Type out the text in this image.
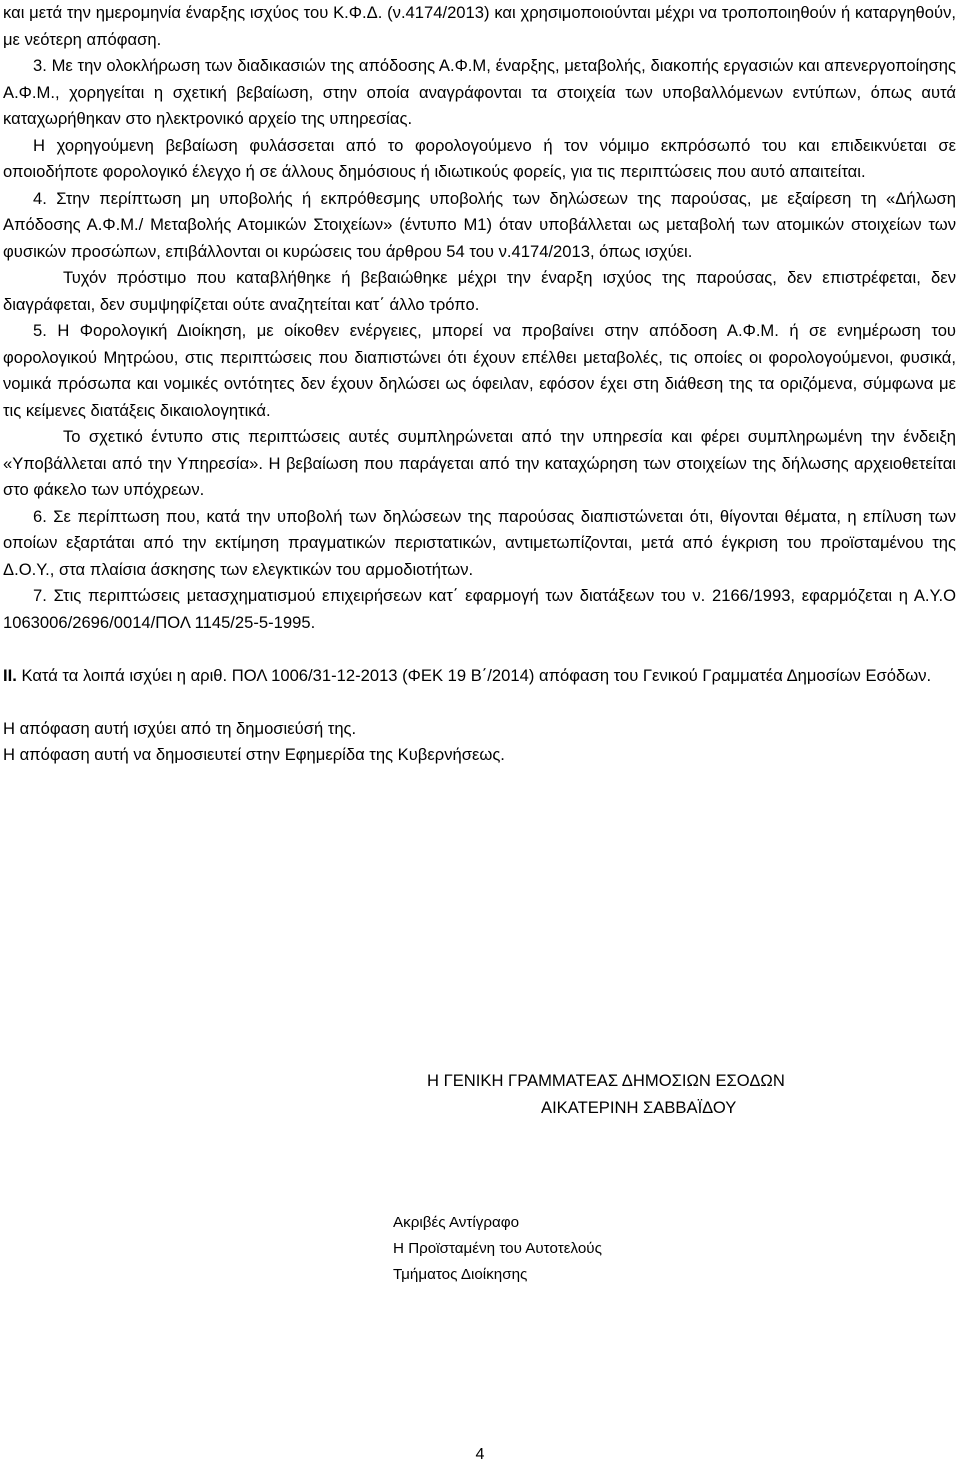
και μετά την ημερομηνία έναρξης ισχύος του Κ.Φ.Δ. (ν.4174/2013) και χρησιμοποιούνται μέχρι να τροποποιηθούν ή καταργηθούν, με νεότερη απόφαση.

3. Με την ολοκλήρωση των διαδικασιών της απόδοσης Α.Φ.Μ, έναρξης, μεταβολής, διακοπής εργασιών και απενεργοποίησης Α.Φ.Μ., χορηγείται η σχετική βεβαίωση, στην οποία αναγράφονται τα στοιχεία των υποβαλλόμενων εντύπων, όπως αυτά καταχωρήθηκαν στο ηλεκτρονικό αρχείο της υπηρεσίας.

Η χορηγούμενη βεβαίωση φυλάσσεται από το φορολογούμενο ή τον νόμιμο εκπρόσωπό του και επιδεικνύεται σε οποιοδήποτε φορολογικό έλεγχο ή σε άλλους δημόσιους ή ιδιωτικούς φορείς, για τις περιπτώσεις που αυτό απαιτείται.

4. Στην περίπτωση μη υποβολής ή εκπρόθεσμης υποβολής των δηλώσεων της παρούσας, με εξαίρεση τη «Δήλωση Απόδοσης Α.Φ.Μ./ Μεταβολής Ατομικών Στοιχείων» (έντυπο Μ1) όταν υποβάλλεται ως μεταβολή των ατομικών στοιχείων των φυσικών προσώπων, επιβάλλονται οι κυρώσεις του άρθρου 54 του ν.4174/2013, όπως ισχύει.

Τυχόν πρόστιμο που καταβλήθηκε ή βεβαιώθηκε μέχρι την έναρξη ισχύος της παρούσας, δεν επιστρέφεται, δεν διαγράφεται, δεν συμψηφίζεται ούτε αναζητείται κατ΄ άλλο τρόπο.

5. Η Φορολογική Διοίκηση, με οίκοθεν ενέργειες, μπορεί να προβαίνει στην απόδοση Α.Φ.Μ. ή σε ενημέρωση του φορολογικού Μητρώου, στις περιπτώσεις που διαπιστώνει ότι έχουν επέλθει μεταβολές, τις οποίες οι φορολογούμενοι, φυσικά, νομικά πρόσωπα και νομικές οντότητες δεν έχουν δηλώσει ως όφειλαν, εφόσον έχει στη διάθεση της τα οριζόμενα, σύμφωνα με τις κείμενες διατάξεις δικαιολογητικά.

Το σχετικό έντυπο στις περιπτώσεις αυτές συμπληρώνεται από την υπηρεσία και φέρει συμπληρωμένη την ένδειξη «Υποβάλλεται από την Υπηρεσία». Η βεβαίωση που παράγεται από την καταχώρηση των στοιχείων της δήλωσης αρχειοθετείται στο φάκελο των υπόχρεων.

6. Σε περίπτωση που, κατά την υποβολή των δηλώσεων της παρούσας διαπιστώνεται ότι, θίγονται θέματα, η επίλυση των οποίων εξαρτάται από την εκτίμηση πραγματικών περιστατικών, αντιμετωπίζονται, μετά από έγκριση του προϊσταμένου της Δ.Ο.Υ., στα πλαίσια άσκησης των ελεγκτικών του αρμοδιοτήτων.

7. Στις περιπτώσεις μετασχηματισμού επιχειρήσεων κατ΄ εφαρμογή των διατάξεων του ν. 2166/1993, εφαρμόζεται η Α.Υ.Ο 1063006/2696/0014/ΠΟΛ 1145/25-5-1995.

II. Κατά τα λοιπά ισχύει η αριθ. ΠΟΛ 1006/31-12-2013 (ΦΕΚ 19 Β΄/2014) απόφαση του Γενικού Γραμματέα Δημοσίων Εσόδων.

Η απόφαση αυτή ισχύει από τη δημοσιεύσή της.

Η απόφαση αυτή να δημοσιευτεί στην Εφημερίδα της Κυβερνήσεως.

Η ΓΕΝΙΚΗ ΓΡΑΜΜΑΤΕΑΣ ΔΗΜΟΣΙΩΝ ΕΣΟΔΩΝ

ΑΙΚΑΤΕΡΙΝΗ ΣΑΒΒΑΪΔΟΥ

Ακριβές Αντίγραφο

Η Προϊσταμένη του Αυτοτελούς

Τμήματος Διοίκησης

4
